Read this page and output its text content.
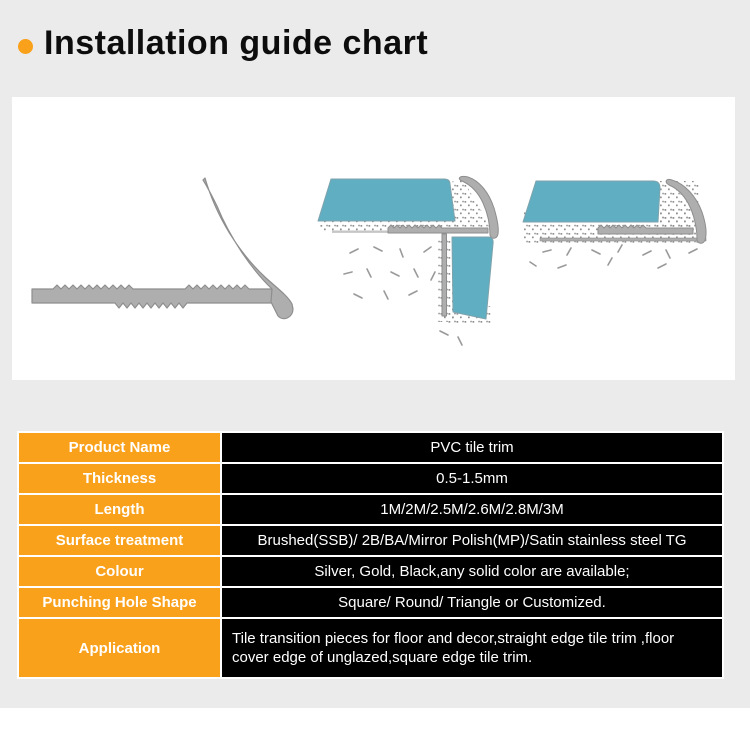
Installation guide chart
Product Name	PVC tile trim
Thickness	0.5-1.5mm
Length	1M/2M/2.5M/2.6M/2.8M/3M
Surface treatment	Brushed(SSB)/ 2B/BA/Mirror Polish(MP)/Satin stainless steel TG
Colour	Silver, Gold, Black,any solid color are available;
Punching Hole Shape	Square/ Round/ Triangle or Customized.
Application	Tile transition pieces for floor and decor,straight edge tile trim ,floor cover edge of unglazed,square edge tile trim.
